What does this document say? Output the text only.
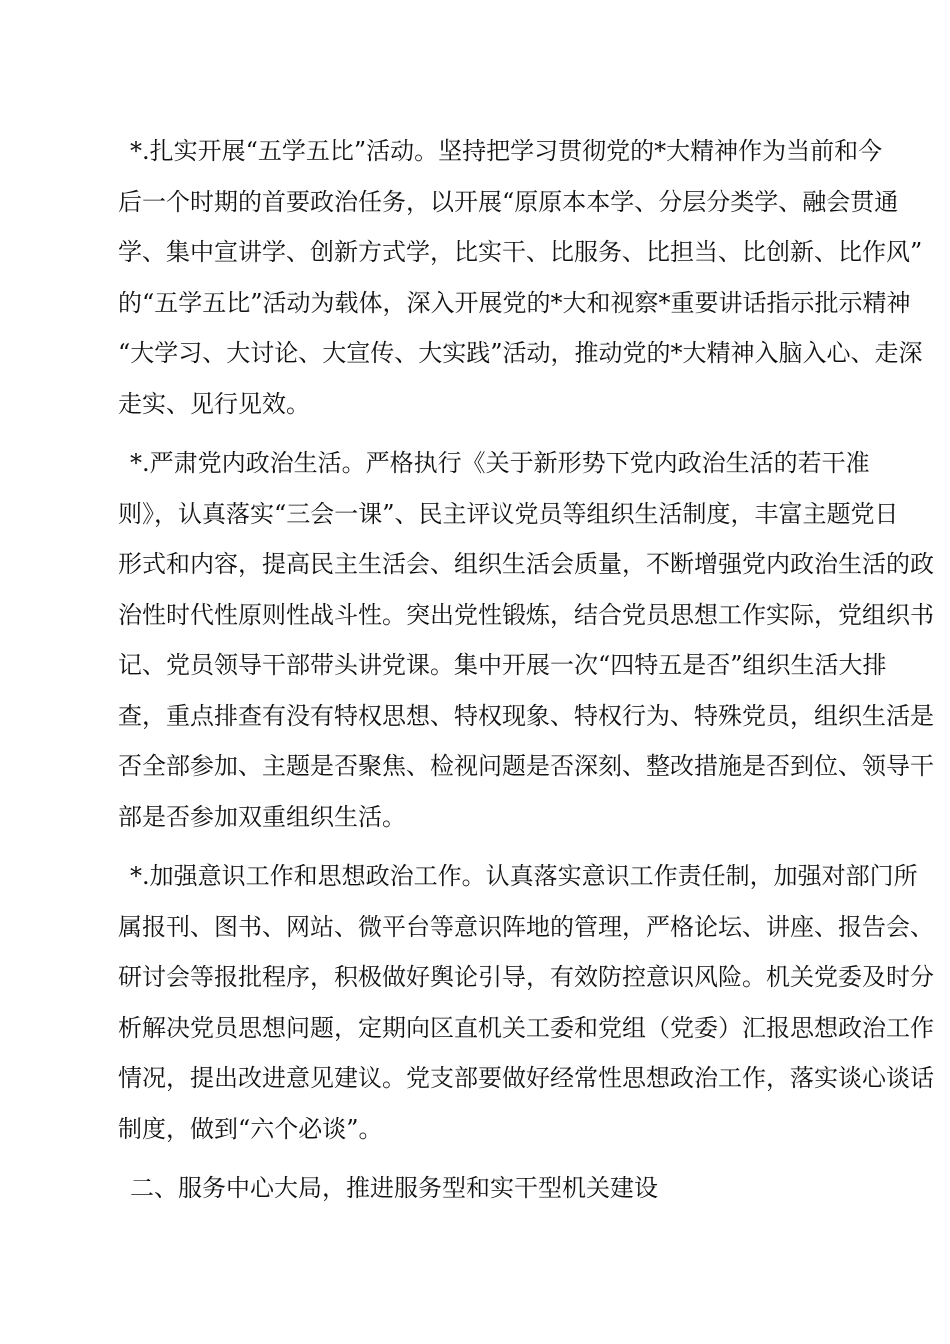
*.扎实开展“五学五比”活动。坚持把学习贯彻党的*大精神作为当前和今
后一个时期的首要政治任务，以开展“原原本本学、分层分类学、融会贯通
学、集中宣讲学、创新方式学，比实干、比服务、比担当、比创新、比作风”
的“五学五比”活动为载体，深入开展党的*大和视察*重要讲话指示批示精神
“大学习、大讨论、大宣传、大实践”活动，推动党的*大精神入脑入心、走深
走实、见行见效。
*.严肃党内政治生活。严格执行《关于新形势下党内政治生活的若干准
则》，认真落实“三会一课”、民主评议党员等组织生活制度，丰富主题党日
形式和内容，提高民主生活会、组织生活会质量，不断增强党内政治生活的政
治性时代性原则性战斗性。突出党性锻炼，结合党员思想工作实际，党组织书
记、党员领导干部带头讲党课。集中开展一次“四特五是否”组织生活大排
查，重点排查有没有特权思想、特权现象、特权行为、特殊党员，组织生活是
否全部参加、主题是否聚焦、检视问题是否深刻、整改措施是否到位、领导干
部是否参加双重组织生活。
*.加强意识工作和思想政治工作。认真落实意识工作责任制，加强对部门所
属报刊、图书、网站、微平台等意识阵地的管理，严格论坛、讲座、报告会、
研讨会等报批程序，积极做好舆论引导，有效防控意识风险。机关党委及时分
析解决党员思想问题，定期向区直机关工委和党组（党委）汇报思想政治工作
情况，提出改进意见建议。党支部要做好经常性思想政治工作，落实谈心谈话
制度，做到“六个必谈”。
二、服务中心大局，推进服务型和实干型机关建设
